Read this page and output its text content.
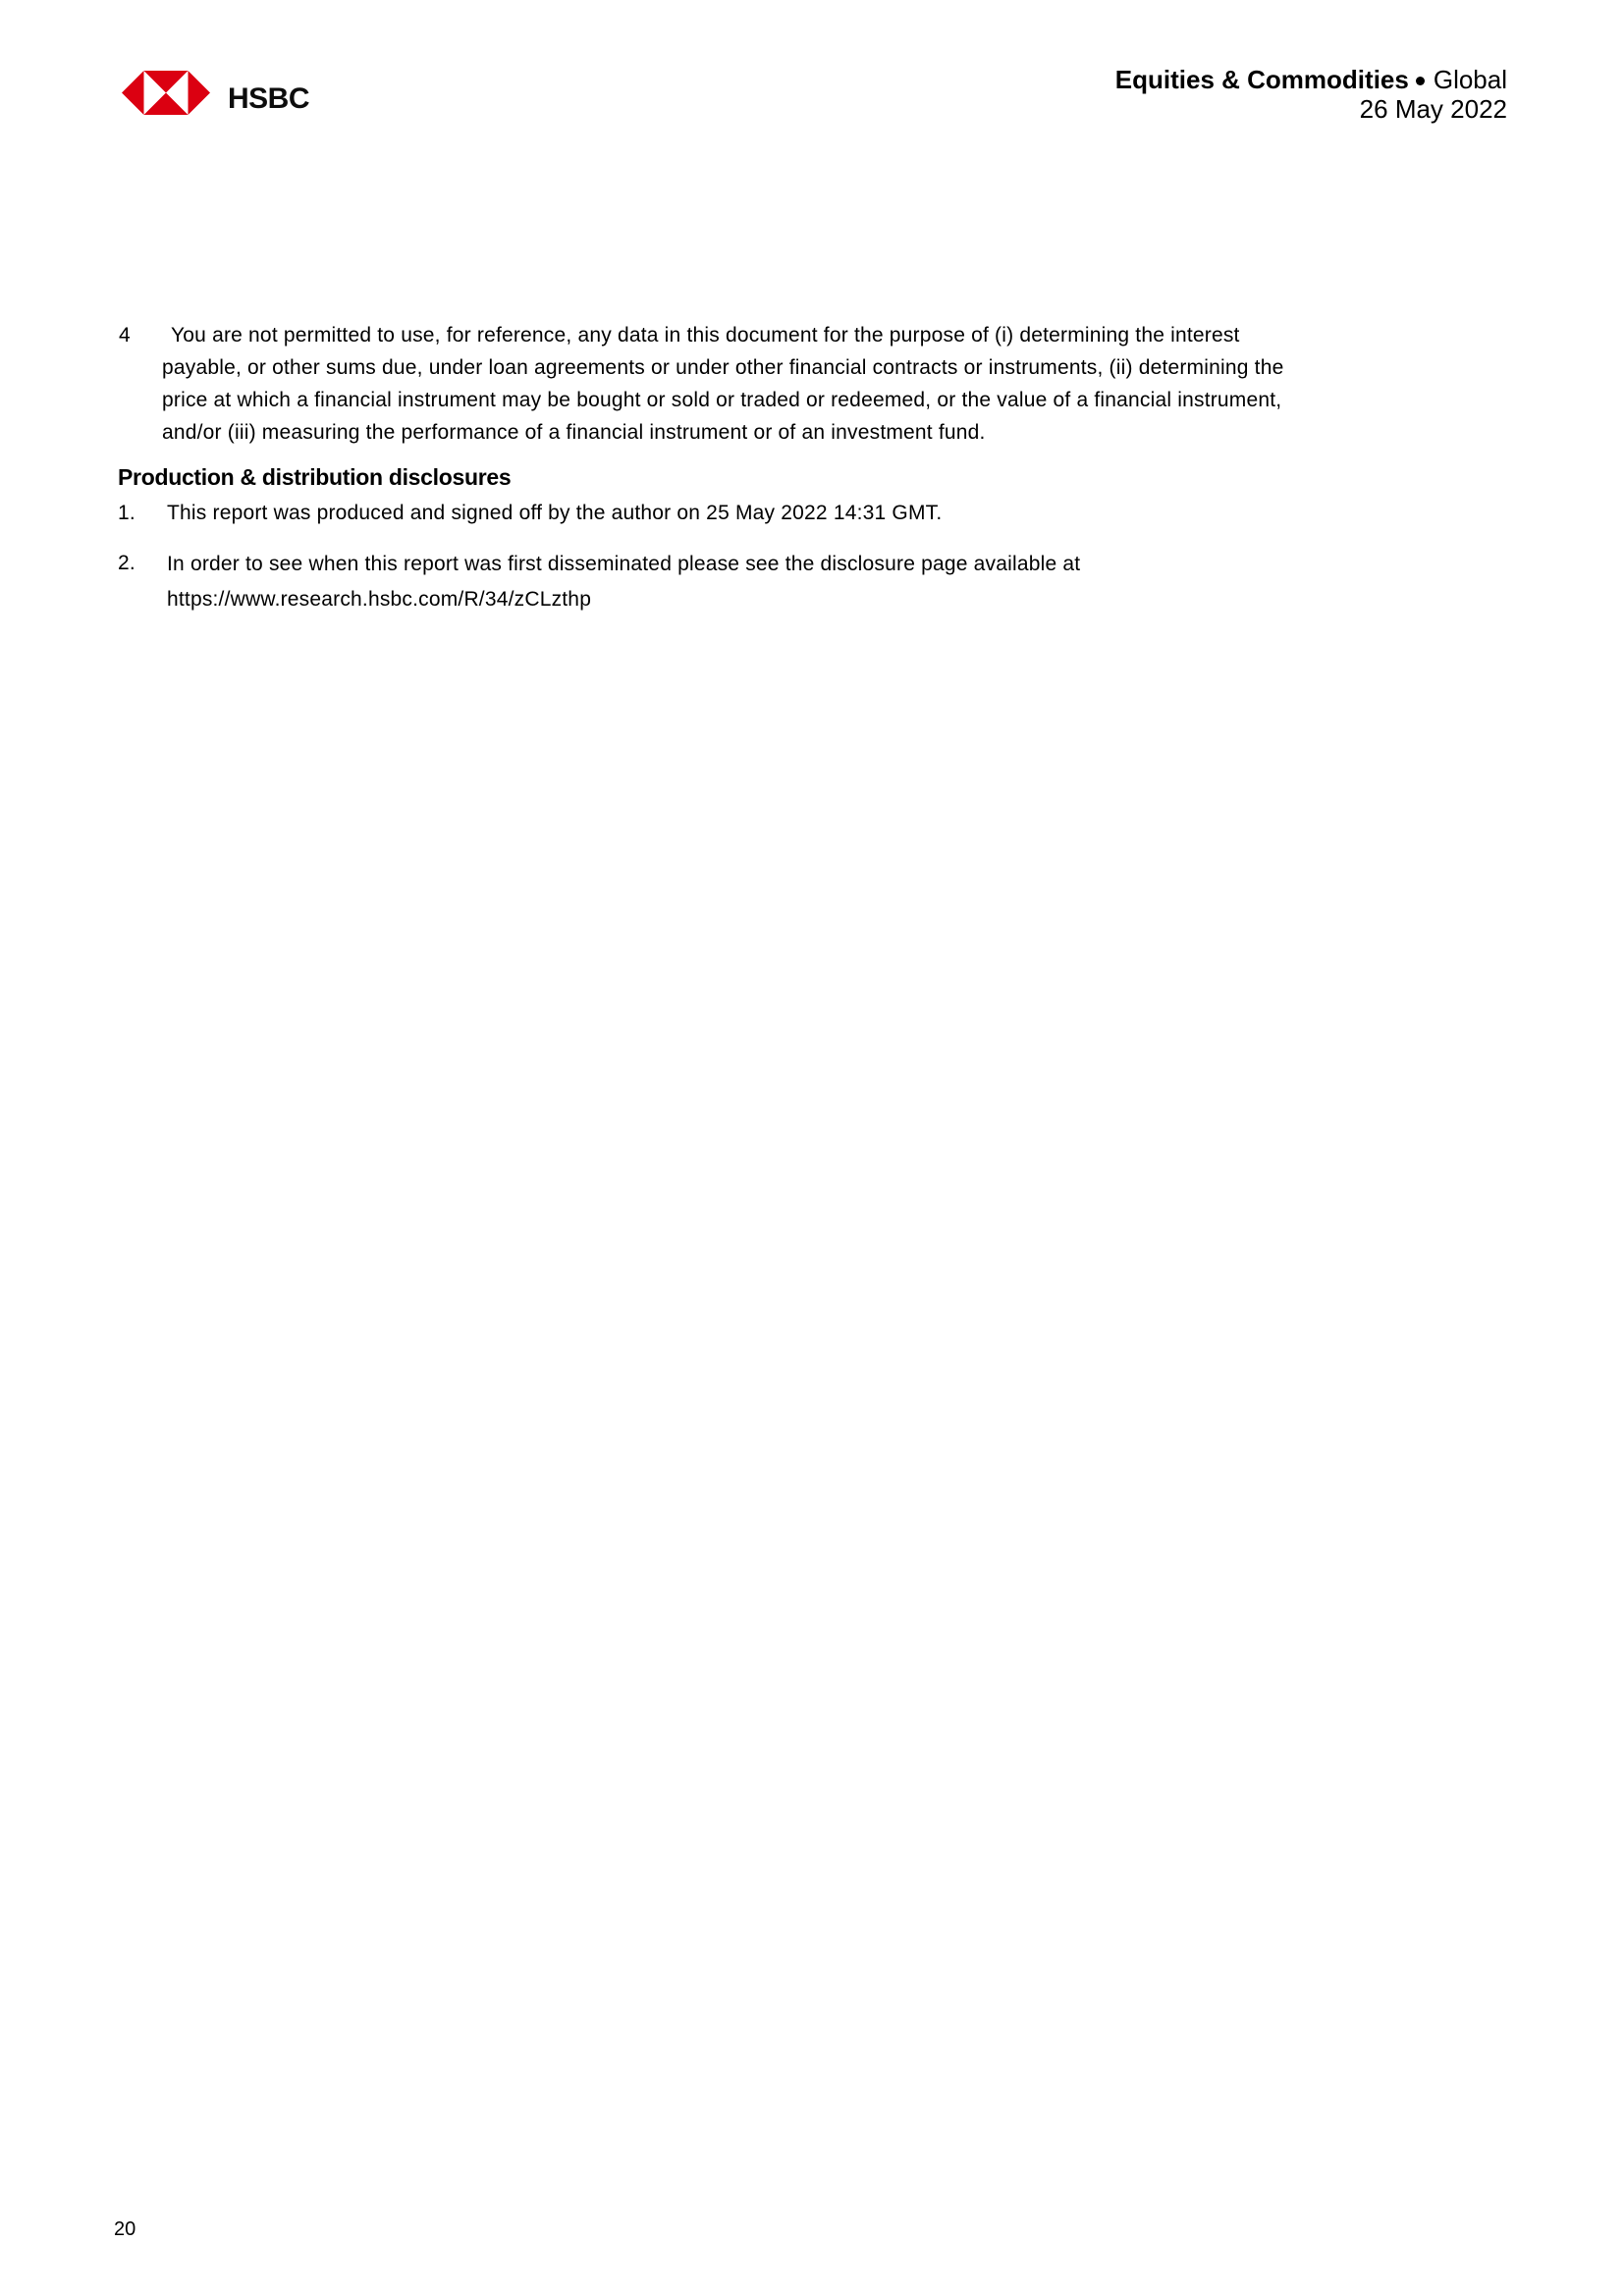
HSBC
Equities & Commodities Global
26 May 2022
4	You are not permitted to use, for reference, any data in this document for the purpose of (i) determining the interest
payable, or other sums due, under loan agreements or under other financial contracts or instruments, (ii) determining the
price at which a financial instrument may be bought or sold or traded or redeemed, or the value of a financial instrument,
and/or (iii) measuring the performance of a financial instrument or of an investment fund.
Production & distribution disclosures
1. This report was produced and signed off by the author on 25 May 2022 14:31 GMT.
2. In order to see when this report was first disseminated please see the disclosure page available at
https://www.research.hsbc.com/R/34/zCLzthp
20
